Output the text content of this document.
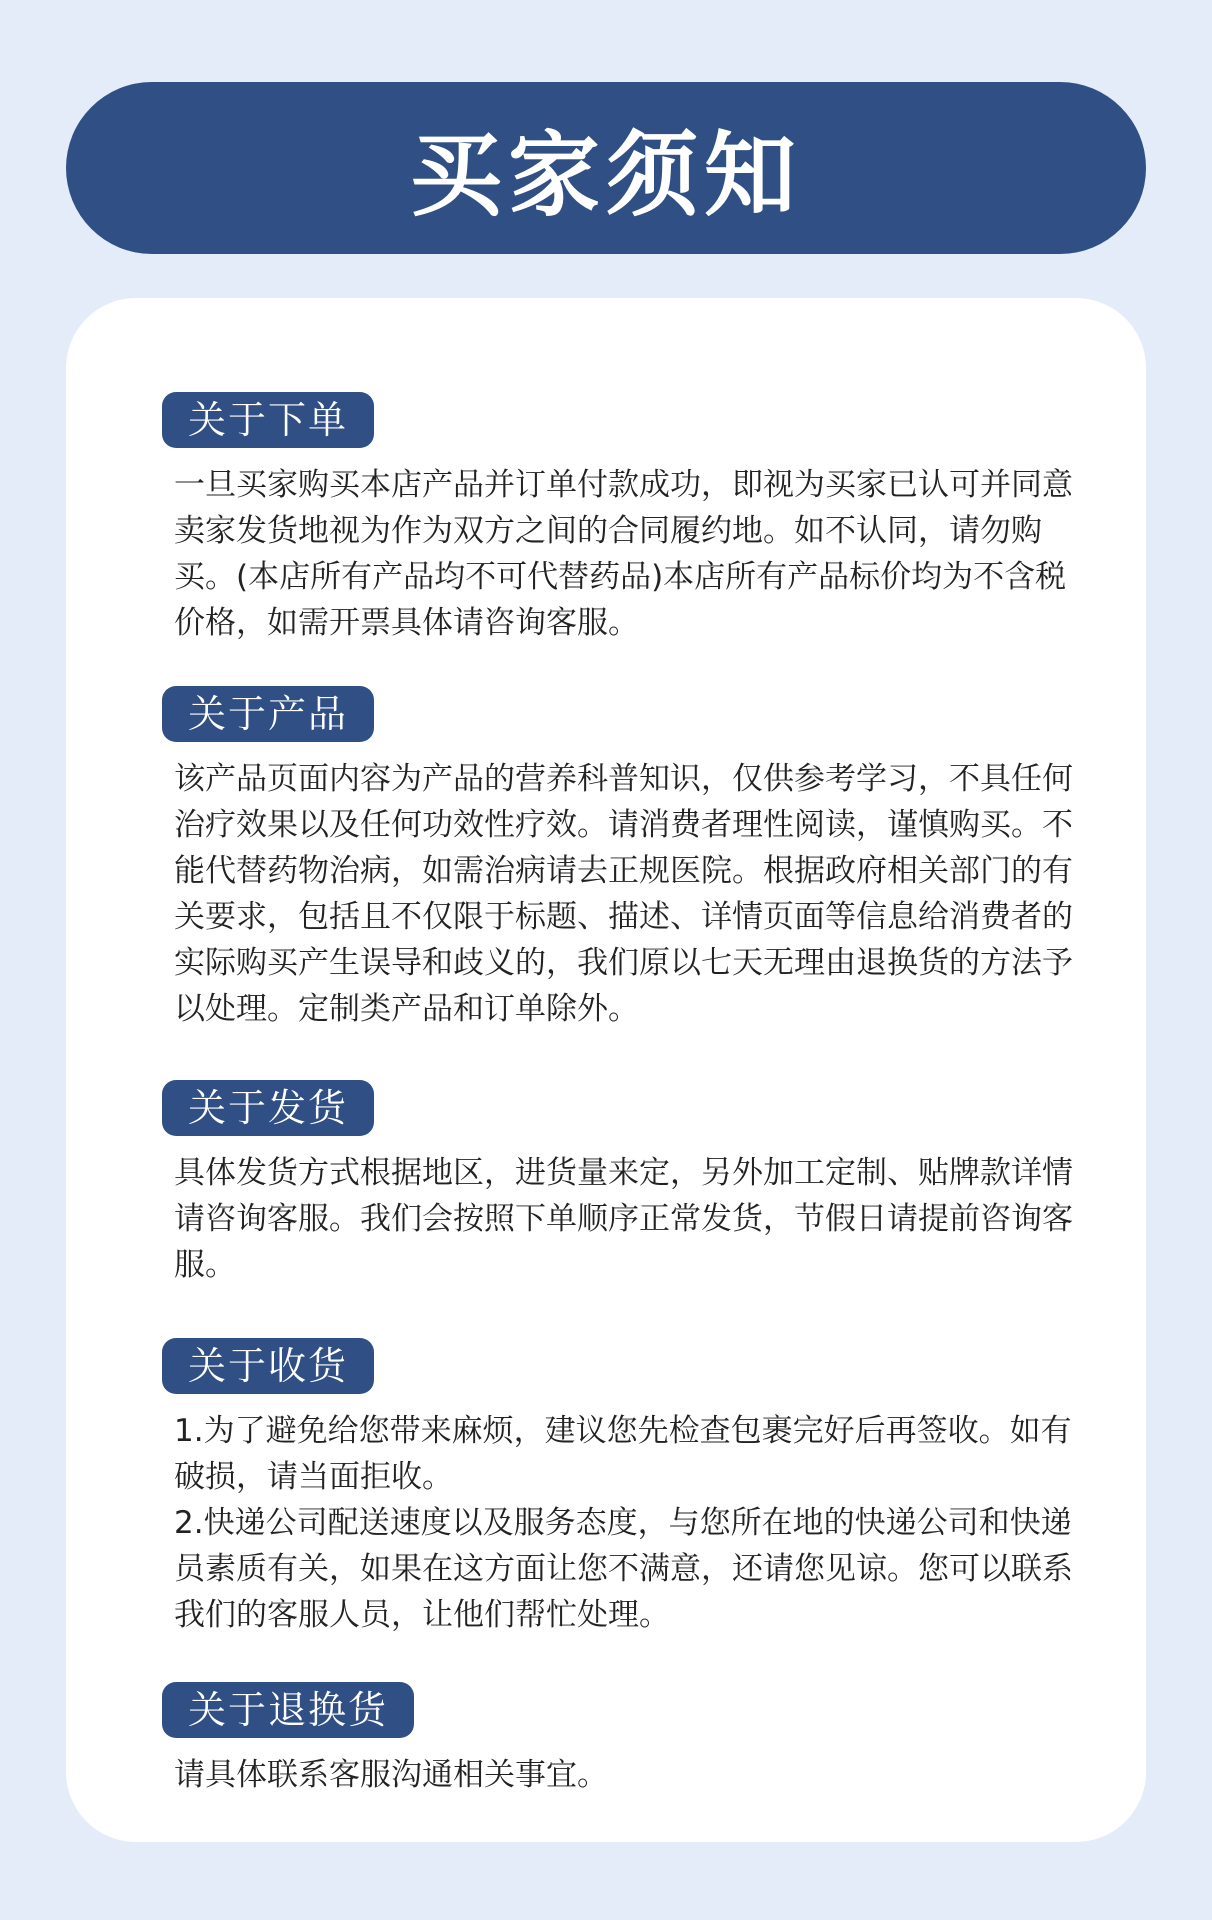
买家须知
关于下单

一旦买家购买本店产品并订单付款成功，即视为买家已认可并同意卖家发货地视为作为双方之间的合同履约地。如不认同，请勿购买。(本店所有产品均不可代替药品)本店所有产品标价均为不含税价格，如需开票具体请咨询客服。

关于产品

该产品页面内容为产品的营养科普知识，仅供参考学习，不具任何治疗效果以及任何功效性疗效。请消费者理性阅读，谨慎购买。不能代替药物治病，如需治病请去正规医院。根据政府相关部门的有关要求，包括且不仅限于标题、描述、详情页面等信息给消费者的实际购买产生误导和歧义的，我们原以七天无理由退换货的方法予以处理。定制类产品和订单除外。

关于发货

具体发货方式根据地区，进货量来定，另外加工定制、贴牌款详情请咨询客服。我们会按照下单顺序正常发货，节假日请提前咨询客服。

关于收货

1.为了避免给您带来麻烦，建议您先检查包裹完好后再签收。如有破损，请当面拒收。

2.快递公司配送速度以及服务态度，与您所在地的快递公司和快递员素质有关，如果在这方面让您不满意，还请您见谅。您可以联系我们的客服人员，让他们帮忙处理。

关于退换货

请具体联系客服沟通相关事宜。
